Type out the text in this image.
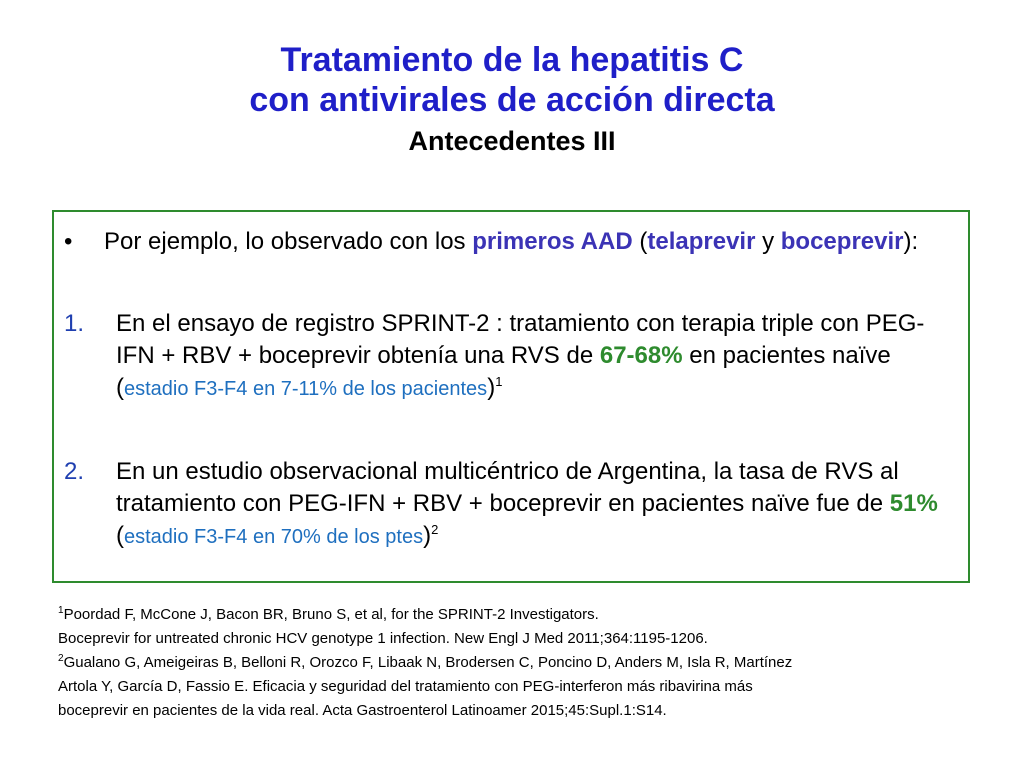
Tratamiento de la hepatitis C
con antivirales de acción directa
Antecedentes III
• Por ejemplo, lo observado con los primeros AAD (telaprevir y boceprevir):
1. En el ensayo de registro SPRINT-2 : tratamiento con terapia triple con PEG-IFN + RBV + boceprevir obtenía una RVS de 67-68% en pacientes naïve (estadio F3-F4 en 7-11% de los pacientes)$^1$
2. En un estudio observacional multicéntrico de Argentina, la tasa de RVS al tratamiento con PEG-IFN + RBV + boceprevir en pacientes naïve fue de 51% (estadio F3-F4 en 70% de los ptes)$^2$
$^1$Poordad F, McCone J, Bacon BR, Bruno S, et al, for the SPRINT-2 Investigators.
Boceprevir for untreated chronic HCV genotype 1 infection. New Engl J Med 2011;364:1195-1206.
$^2$Gualano G, Ameigeiras B, Belloni R, Orozco F, Libaak N, Brodersen C, Poncino D, Anders M, Isla R, Martínez
Artola Y, García D, Fassio E. Eficacia y seguridad del tratamiento con PEG-interferon más ribavirina más
boceprevir en pacientes de la vida real. Acta Gastroenterol Latinoamer 2015;45:Supl.1:S14.
